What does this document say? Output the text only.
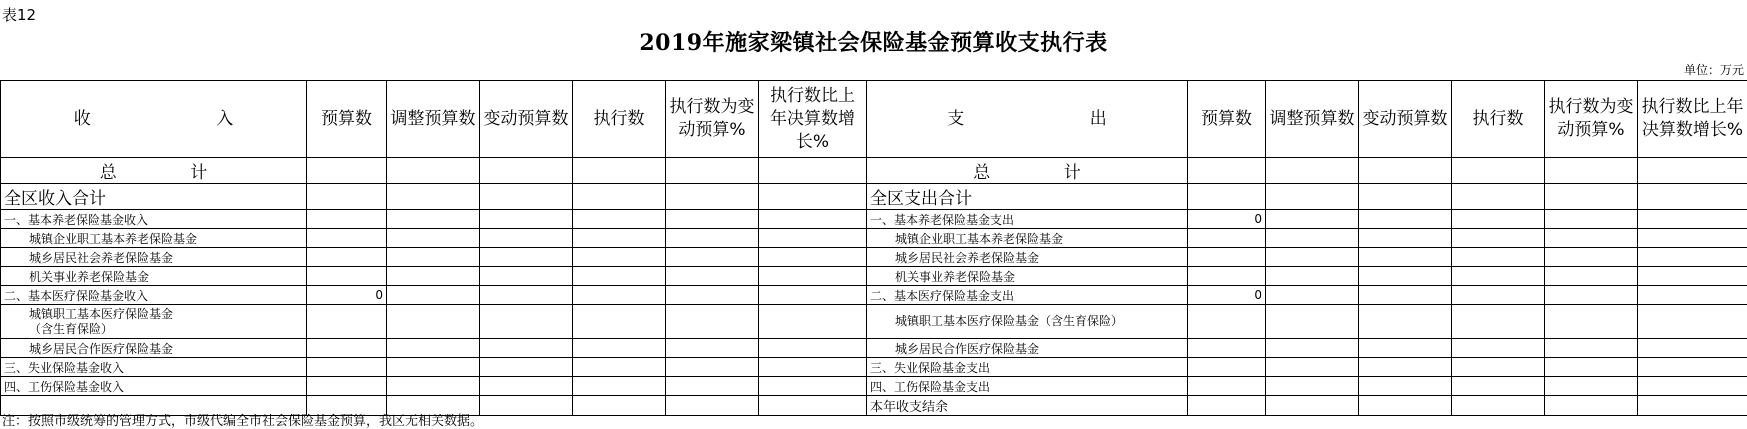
表12
2019年施家梁镇社会保险基金预算收支执行表
单位：万元
收 入	预算数	调整预算数	变动预算数	执行数	执行数为变动预算%	执行数比上年决算数增长%	支 出	预算数	调整预算数	变动预算数	执行数	执行数为变动预算%	执行数比上年决算数增长%
总 计							总 计						
全区收入合计							全区支出合计						
一、基本养老保险基金收入							一、基本养老保险基金支出	0					
城镇企业职工基本养老保险基金							城镇企业职工基本养老保险基金						
城乡居民社会养老保险基金							城乡居民社会养老保险基金						
机关事业养老保险基金							机关事业养老保险基金						
二、基本医疗保险基金收入	0						二、基本医疗保险基金支出	0					
城镇职工基本医疗保险基金（含生育保险）							城镇职工基本医疗保险基金（含生育保险）						
城乡居民合作医疗保险基金							城乡居民合作医疗保险基金						
三、失业保险基金收入							三、失业保险基金支出						
四、工伤保险基金收入							四、工伤保险基金支出						
							本年收支结余						
注：按照市级统筹的管理方式，市级代编全市社会保险基金预算，我区无相关数据。
